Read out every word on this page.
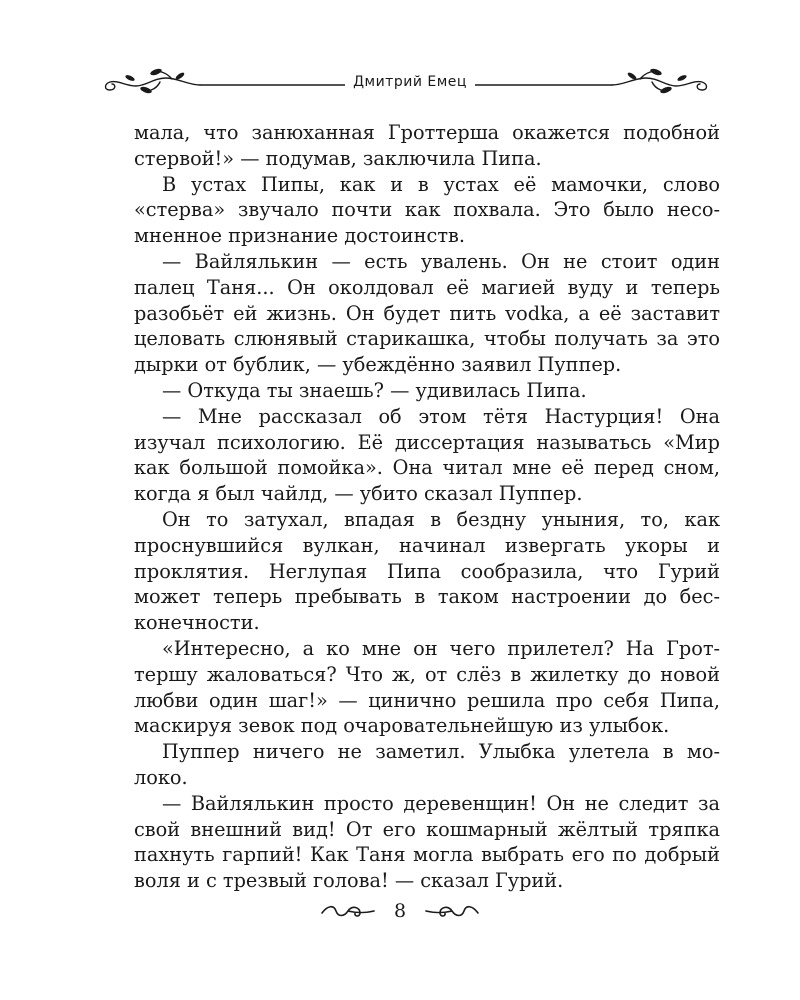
Дмитрий Емец

мала, что занюханная Гроттерша окажется подобной стервой!» — подумав, заключила Пипа.

В устах Пипы, как и в устах её мамочки, слово «стерва» звучало почти как похвала. Это было несо-мненное признание достоинств.

— Вайлялькин — есть увалень. Он не стоит один палец Таня... Он околдовал её магией вуду и теперь разобьёт ей жизнь. Он будет пить vodka, а её заставит целовать слюнявый старикашка, чтобы получать за это дырки от бублик, — убеждённо заявил Пуппер.

— Откуда ты знаешь? — удивилась Пипа.

— Мне рассказал об этом тётя Настурция! Она изучал психологию. Её диссертация называтьсь «Мир как большой помойка». Она читал мне её перед сном, когда я был чайлд, — убито сказал Пуппер.

Он то затухал, впадая в бездну уныния, то, как проснувшийся вулкан, начинал извергать укоры и проклятия. Неглупая Пипа сообразила, что Гурий может теперь пребывать в таком настроении до бес-конечности.

«Интересно, а ко мне он чего прилетел? На Грот-тершу жаловаться? Что ж, от слёз в жилетку до новой любви один шаг!» — цинично решила про себя Пипа, маскируя зевок под очаровательнейшую из улыбок.

Пуппер ничего не заметил. Улыбка улетела в мо-локо.

— Вайлялькин просто деревенщин! Он не следит за свой внешний вид! От его кошмарный жёлтый тряпка пахнуть гарпий! Как Таня могла выбрать его по добрый воля и с трезвый голова! — сказал Гурий.

8
